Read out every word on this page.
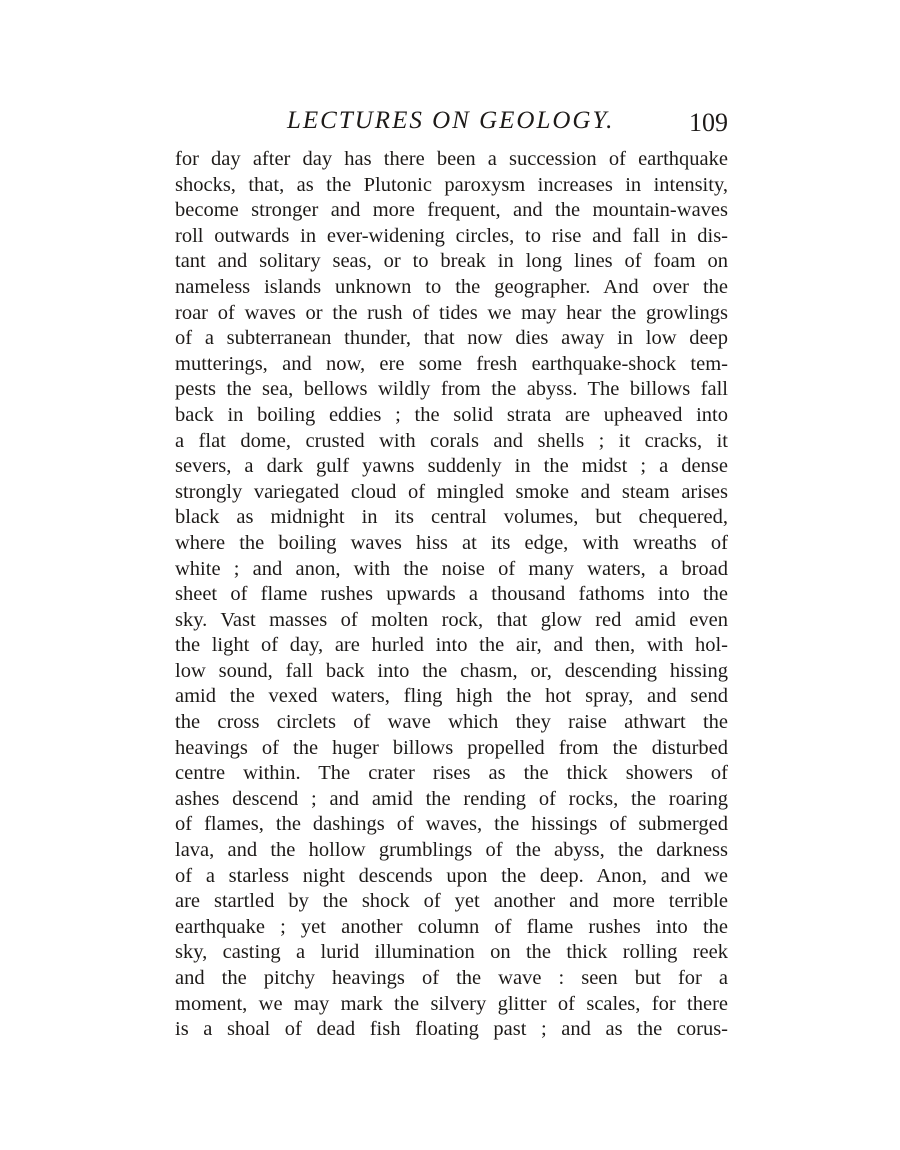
LECTURES ON GEOLOGY.	109
for day after day has there been a succession of earthquake
shocks, that, as the Plutonic paroxysm increases in intensity,
become stronger and more frequent, and the mountain-waves
roll outwards in ever-widening circles, to rise and fall in dis-
tant and solitary seas, or to break in long lines of foam on
nameless islands unknown to the geographer. And over the
roar of waves or the rush of tides we may hear the growlings
of a subterranean thunder, that now dies away in low deep
mutterings, and now, ere some fresh earthquake-shock tem-
pests the sea, bellows wildly from the abyss. The billows fall
back in boiling eddies ; the solid strata are upheaved into
a flat dome, crusted with corals and shells ; it cracks, it
severs, a dark gulf yawns suddenly in the midst ; a dense
strongly variegated cloud of mingled smoke and steam arises
black as midnight in its central volumes, but chequered,
where the boiling waves hiss at its edge, with wreaths of
white ; and anon, with the noise of many waters, a broad
sheet of flame rushes upwards a thousand fathoms into the
sky. Vast masses of molten rock, that glow red amid even
the light of day, are hurled into the air, and then, with hol-
low sound, fall back into the chasm, or, descending hissing
amid the vexed waters, fling high the hot spray, and send
the cross circlets of wave which they raise athwart the
heavings of the huger billows propelled from the disturbed
centre within. The crater rises as the thick showers of
ashes descend ; and amid the rending of rocks, the roaring
of flames, the dashings of waves, the hissings of submerged
lava, and the hollow grumblings of the abyss, the darkness
of a starless night descends upon the deep. Anon, and we
are startled by the shock of yet another and more terrible
earthquake ; yet another column of flame rushes into the
sky, casting a lurid illumination on the thick rolling reek
and the pitchy heavings of the wave : seen but for a
moment, we may mark the silvery glitter of scales, for there
is a shoal of dead fish floating past ; and as the corus-
